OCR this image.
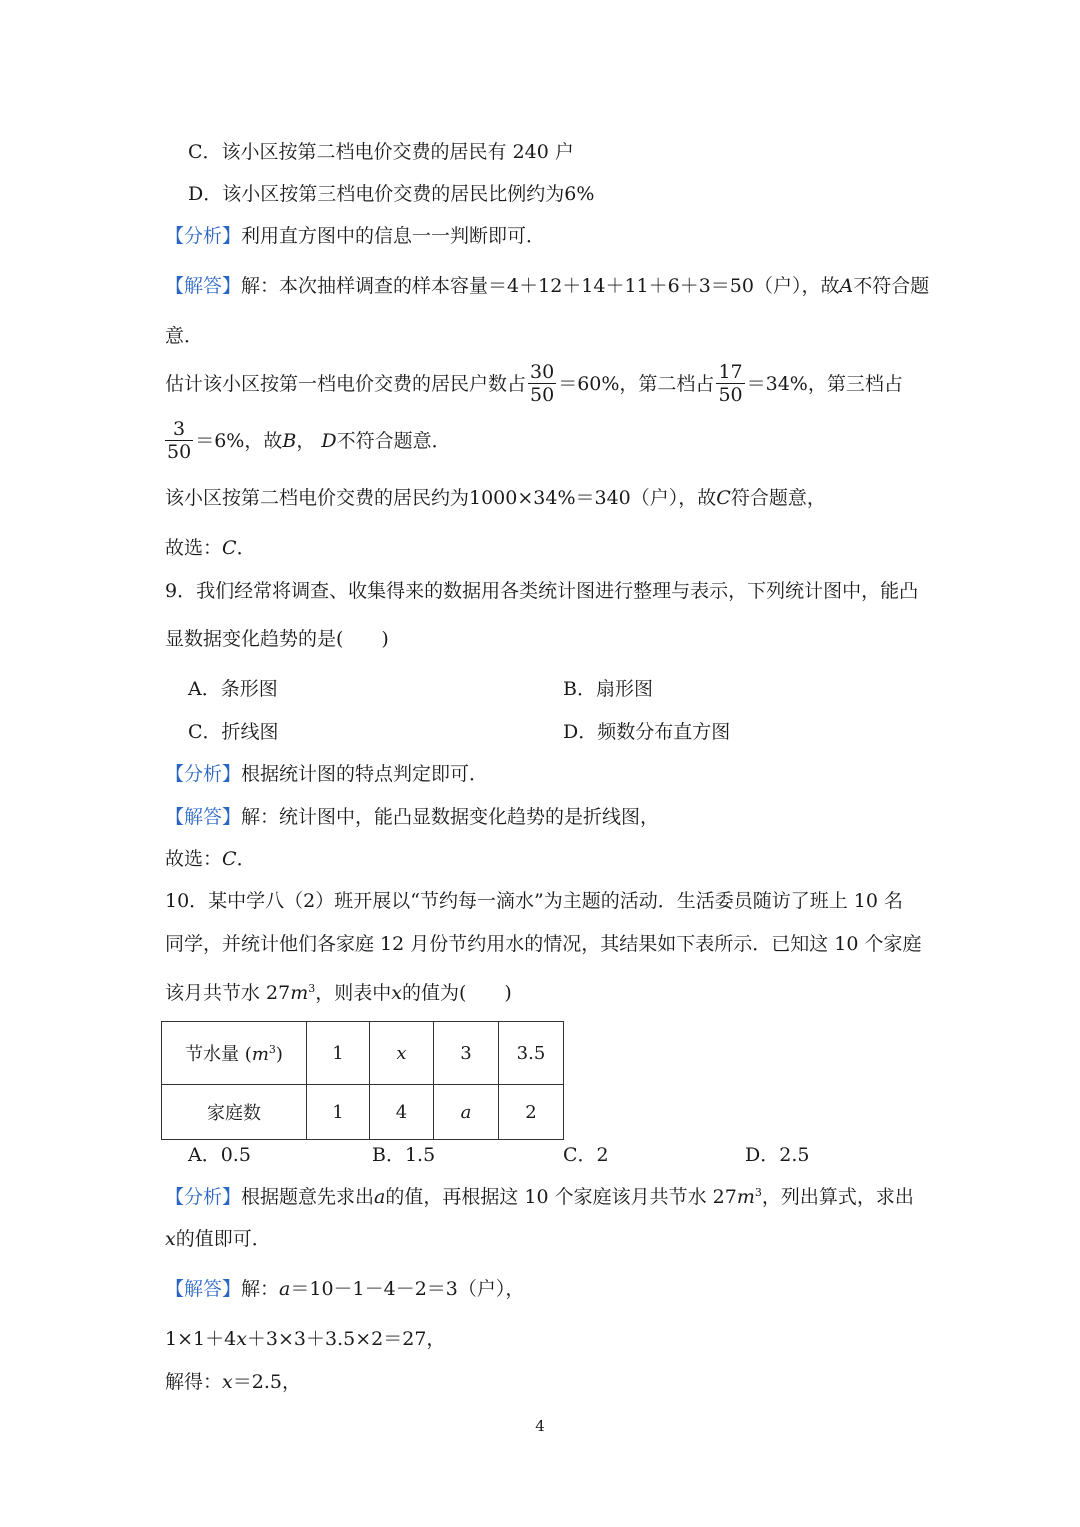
C．该小区按第二档电价交费的居民有 240 户
D．该小区按第三档电价交费的居民比例约为6%
【分析】利用直方图中的信息一一判断即可．
【解答】解：本次抽样调查的样本容量＝4＋12＋14＋11＋6＋3＝50（户），故A不符合题
意．
估计该小区按第一档电价交费的居民户数占 $\frac{30}{50} =60\%$，第二档占 $\frac{17}{50} =34\%$，第三档占
$\frac{3}{50} =6\%$，故B， D不符合题意．
该小区按第二档电价交费的居民约为1000×34%＝340（户），故C符合题意，
故选：C．
9．我们经常将调查、收集得来的数据用各类统计图进行整理与表示，下列统计图中，能凸
显数据变化趋势的是(　　)
A．条形图	B．扇形图
C．折线图	D．频数分布直方图
【分析】根据统计图的特点判定即可．
【解答】解：统计图中，能凸显数据变化趋势的是折线图，
故选：C．
10．某中学八（2）班开展以“节约每一滴水”为主题的活动．生活委员随访了班上 10 名
同学，并统计他们各家庭 12 月份节约用水的情况，其结果如下表所示．已知这 10 个家庭
该月共节水 $27m^3$，则表中x的值为(　　)
节水量 $(m^3)$	1	x	3	3.5
家庭数	1	4	a	2
A．0.5	B．1.5	C．2	D．2.5
【分析】根据题意先求出a的值，再根据这 10 个家庭该月共节水 $27m^3$，列出算式，求出
x的值即可．
【解答】解：a＝10－1－4－2＝3（户），
1×1＋4x＋3×3＋3.5×2＝27，
解得：x＝2.5，
4
